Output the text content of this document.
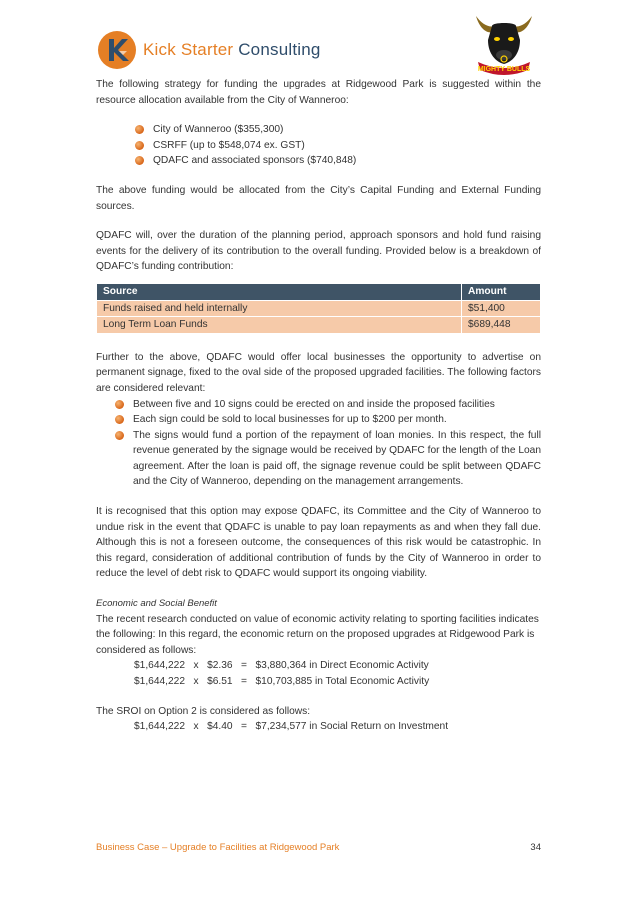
Kick Starter Consulting
MIGHTY BULLS

The following strategy for funding the upgrades at Ridgewood Park is suggested within the resource allocation available from the City of Wanneroo:

City of Wanneroo ($355,300)
CSRFF (up to $548,074 ex. GST)
QDAFC and associated sponsors ($740,848)

The above funding would be allocated from the City’s Capital Funding and External Funding sources.

QDAFC will, over the duration of the planning period, approach sponsors and hold fund raising events for the delivery of its contribution to the overall funding. Provided below is a breakdown of QDAFC’s funding contribution:

Source	Amount
Funds raised and held internally	$51,400
Long Term Loan Funds	$689,448

Further to the above, QDAFC would offer local businesses the opportunity to advertise on permanent signage, fixed to the oval side of the proposed upgraded facilities. The following factors are considered relevant:

Between five and 10 signs could be erected on and inside the proposed facilities
Each sign could be sold to local businesses for up to $200 per month.
The signs would fund a portion of the repayment of loan monies. In this respect, the full revenue generated by the signage would be received by QDAFC for the length of the Loan agreement. After the loan is paid off, the signage revenue could be split between QDAFC and the City of Wanneroo, depending on the management arrangements.

It is recognised that this option may expose QDAFC, its Committee and the City of Wanneroo to undue risk in the event that QDAFC is unable to pay loan repayments as and when they fall due. Although this is not a foreseen outcome, the consequences of this risk would be catastrophic. In this regard, consideration of additional contribution of funds by the City of Wanneroo in order to reduce the level of debt risk to QDAFC would support its ongoing viability.

Economic and Social Benefit

The recent research conducted on value of economic activity relating to sporting facilities indicates the following: In this regard, the economic return on the proposed upgrades at Ridgewood Park is considered as follows:

$1,644,222   x   $2.36   =   $3,880,364 in Direct Economic Activity

$1,644,222   x   $6.51   =   $10,703,885 in Total Economic Activity

The SROI on Option 2 is considered as follows:

$1,644,222   x   $4.40   =   $7,234,577 in Social Return on Investment

Business Case – Upgrade to Facilities at Ridgewood Park	34
